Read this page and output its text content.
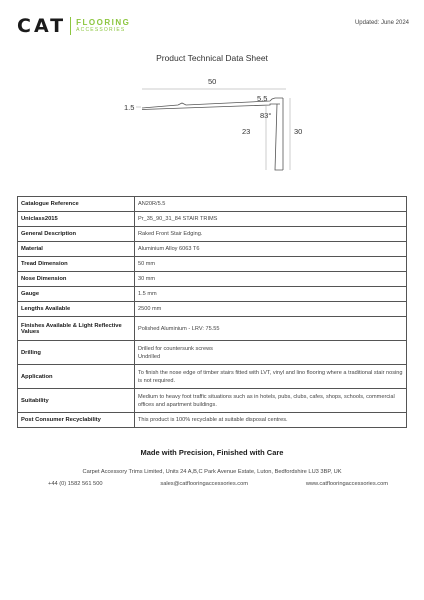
CAT FLOORING
ACCESSORIES
Updated: June 2024
Product Technical Data Sheet
50
1.5
5.5
83°
23	30
Catalogue Reference	AN20R/5.5
Uniclass2015	Pr_35_90_31_84 STAIR TRIMS
General Description	Raked Front Stair Edging.
Material	Aluminium Alloy 6063 T6
Tread Dimension	50 mm
Nose Dimension	30 mm
Gauge	1.5 mm
Lengths Available	2500 mm
Finishes Available & Light Reflective Values	Polished Aluminium - LRV: 75.55
Drilling	Drilled for countersunk screws
Undrilled

Application	To finish the nose edge of timber stairs fitted with LVT, vinyl and lino flooring where a traditional stair nosing is not required.
Suitability	Medium to heavy foot traffic situations such as in hotels, pubs, clubs, cafes, shops, schools, commercial offices and apartment buildings.
Post Consumer Recyclability	This product is 100% recyclable at suitable disposal centres.
Made with Precision, Finished with Care
Carpet Accessory Trims Limited, Units 24 A,B,C Park Avenue Estate, Luton, Bedfordshire LU3 3BP, UK
+44 (0) 1582 561 500	sales@catflooringaccessories.com	www.catflooringaccessories.com
